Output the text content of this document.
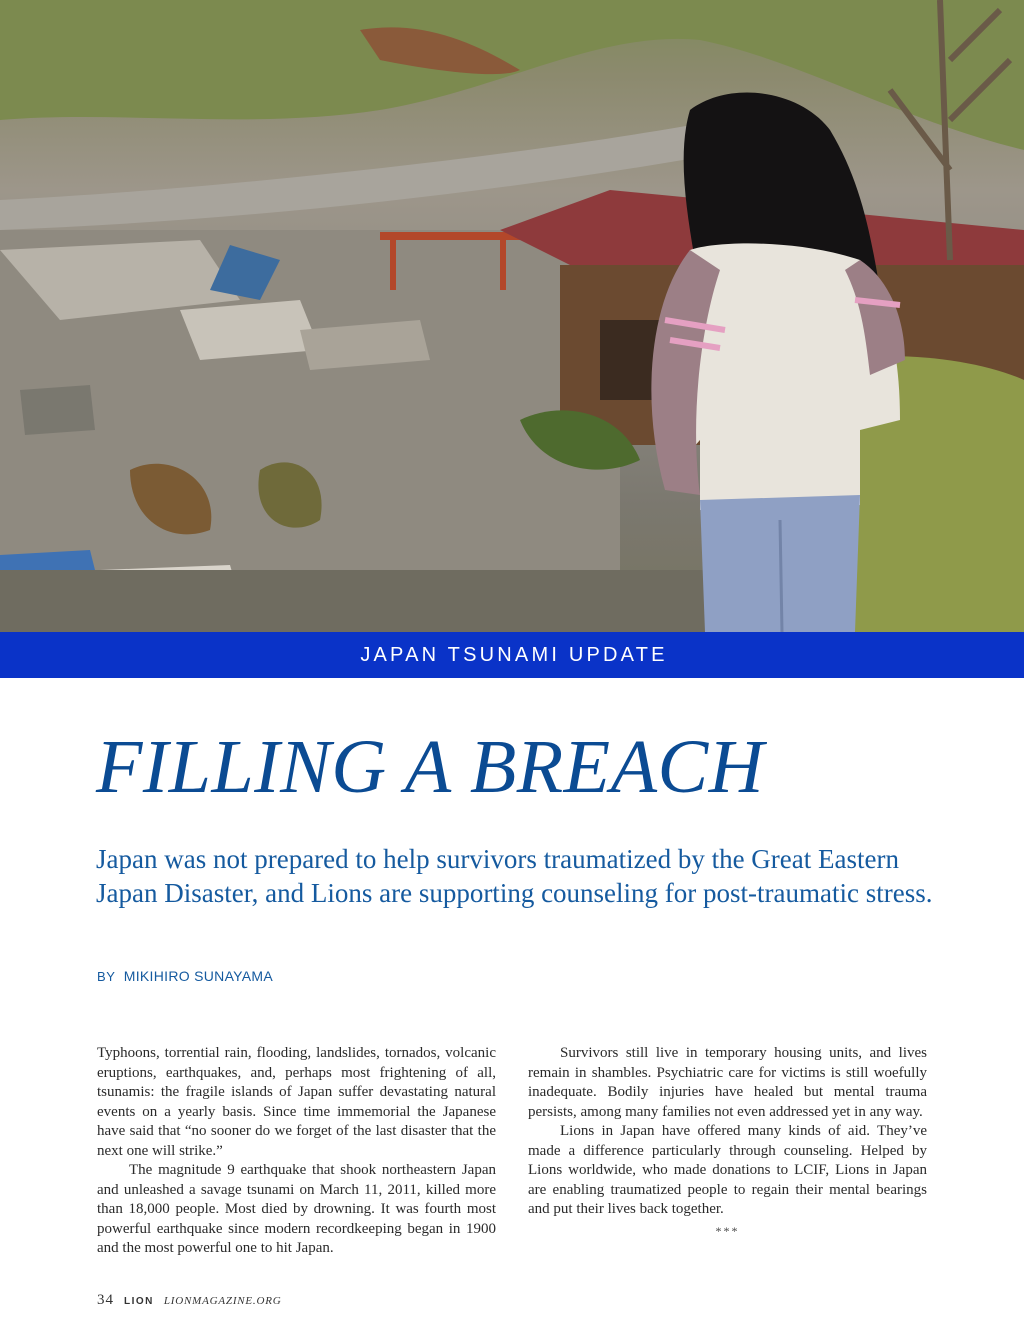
JAPAN TSUNAMI UPDATE
FILLING A BREACH

Japan was not prepared to help survivors traumatized by the Great Eastern Japan Disaster, and Lions are supporting counseling for post-traumatic stress.

BY MIKIHIRO SUNAYAMA

Typhoons, torrential rain, flooding, landslides, tornados, volcanic eruptions, earthquakes, and, perhaps most frightening of all, tsunamis: the fragile islands of Japan suffer devastating natural events on a yearly basis. Since time immemorial the Japanese have said that “no sooner do we forget of the last disaster that the next one will strike.”

The magnitude 9 earthquake that shook northeastern Japan and unleashed a savage tsunami on March 11, 2011, killed more than 18,000 people. Most died by drowning. It was fourth most powerful earthquake since modern recordkeeping began in 1900 and the most powerful one to hit Japan.

Survivors still live in temporary housing units, and lives remain in shambles. Psychiatric care for victims is still woefully inadequate. Bodily injuries have healed but mental trauma persists, among many families not even addressed yet in any way.

Lions in Japan have offered many kinds of aid. They’ve made a difference particularly through counseling. Helped by Lions worldwide, who made donations to LCIF, Lions in Japan are enabling traumatized people to regain their mental bearings and put their lives back together.

***
34 LION LIONMAGAZINE.ORG
